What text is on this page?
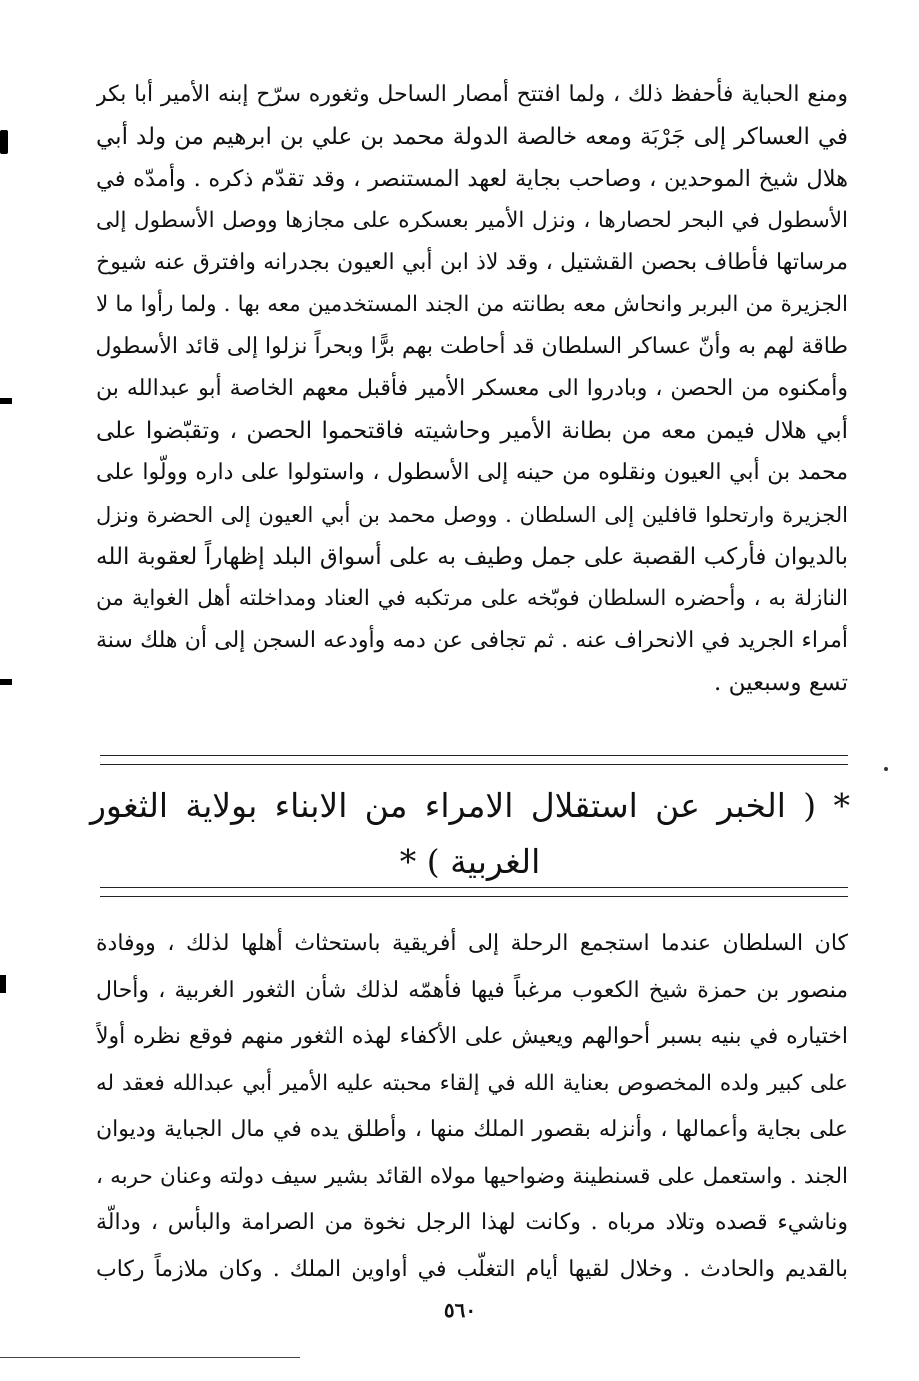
ومنع الحباية فأحفظ ذلك ، ولما افتتح أمصار الساحل وثغوره سرّح إبنه الأمير أبا بكر
في العساكر إلى جَرْبَة ومعه خالصة الدولة محمد بن علي بن ابرهيم من ولد أبي
هلال شيخ الموحدين ، وصاحب بجاية لعهد المستنصر ، وقد تقدّم ذكره . وأمدّه في
الأسطول في البحر لحصارها ، ونزل الأمير بعسكره على مجازها ووصل الأسطول إلى
مرساتها فأطاف بحصن القشتيل ، وقد لاذ ابن أبي العيون بجدرانه وافترق عنه شيوخ
الجزيرة من البربر وانحاش معه بطانته من الجند المستخدمين معه بها . ولما رأوا ما لا
طاقة لهم به وأنّ عساكر السلطان قد أحاطت بهم برًّا وبحراً نزلوا إلى قائد الأسطول
وأمكنوه من الحصن ، وبادروا الى معسكر الأمير فأقبل معهم الخاصة أبو عبدالله بن
أبي هلال فيمن معه من بطانة الأمير وحاشيته فاقتحموا الحصن ، وتقبّضوا على
محمد بن أبي العيون ونقلوه من حينه إلى الأسطول ، واستولوا على داره وولّوا على
الجزيرة وارتحلوا قافلين إلى السلطان . ووصل محمد بن أبي العيون إلى الحضرة ونزل
بالديوان فأركب القصبة على جمل وطيف به على أسواق البلد إظهاراً لعقوبة الله
النازلة به ، وأحضره السلطان فوبّخه على مرتكبه في العناد ومداخلته أهل الغواية من
أمراء الجريد في الانحراف عنه . ثم تجافى عن دمه وأودعه السجن إلى أن هلك سنة
تسع وسبعين .
* ( الخبر عن استقلال الامراء من الابناء بولاية الثغور
الغربية ) *
كان السلطان عندما استجمع الرحلة إلى أفريقية باستحثاث أهلها لذلك ، ووفادة
منصور بن حمزة شيخ الكعوب مرغباً فيها فأهمّه لذلك شأن الثغور الغربية ، وأحال
اختياره في بنيه بسبر أحوالهم ويعيش على الأكفاء لهذه الثغور منهم فوقع نظره أولاً
على كبير ولده المخصوص بعناية الله في إلقاء محبته عليه الأمير أبي عبدالله فعقد له
على بجاية وأعمالها ، وأنزله بقصور الملك منها ، وأطلق يده في مال الجباية وديوان
الجند . واستعمل على قسنطينة وضواحيها مولاه القائد بشير سيف دولته وعنان حربه ،
وناشيء قصده وتلاد مرباه . وكانت لهذا الرجل نخوة من الصرامة والبأس ، ودالّة
بالقديم والحادث . وخلال لقيها أيام التغلّب في أواوين الملك . وكان ملازماً ركاب
٥٦٠
